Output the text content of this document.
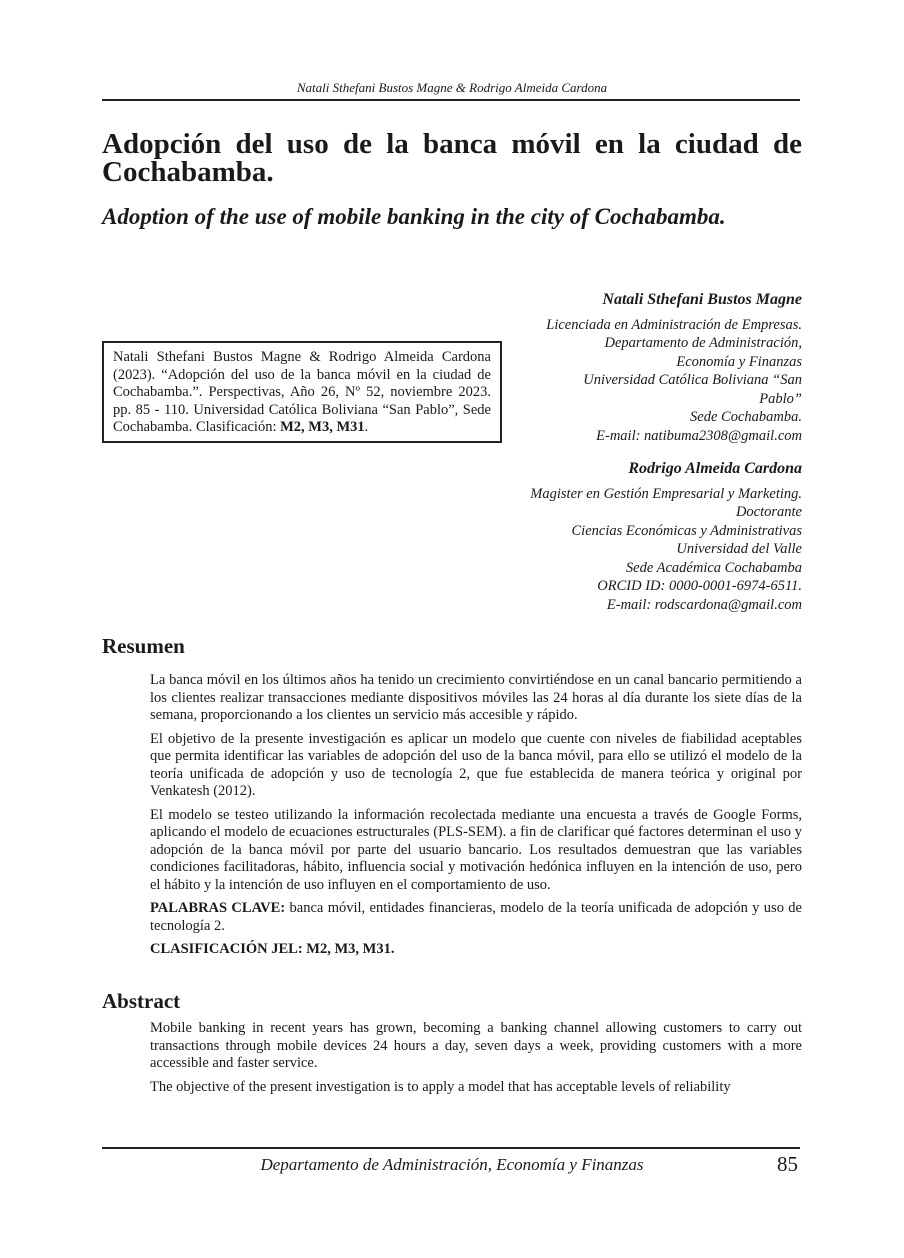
Natali Sthefani Bustos Magne & Rodrigo Almeida Cardona
Adopción del uso de la banca móvil en la ciudad de Cochabamba.
Adoption of the use of mobile banking in the city of Cochabamba.
Natali Sthefani Bustos Magne
Licenciada en Administración de Empresas.
Departamento de Administración,
Economía y Finanzas
Universidad Católica Boliviana “San
Pablo”
Sede Cochabamba.
E-mail: natibuma2308@gmail.com
Natali Sthefani Bustos Magne & Rodrigo Almeida Cardona (2023). “Adopción del uso de la banca móvil en la ciudad de Cochabamba.”. Perspectivas, Año 26, Nº 52, noviembre 2023. pp. 85 - 110. Universidad Católica Boliviana “San Pablo”, Sede Cochabamba. Clasificación: M2, M3, M31.
Rodrigo Almeida Cardona
Magister en Gestión Empresarial y Marketing.
Doctorante
Ciencias Económicas y Administrativas
Universidad del Valle
Sede Académica Cochabamba
ORCID ID: 0000-0001-6974-6511.
E-mail: rodscardona@gmail.com
Resumen

La banca móvil en los últimos años ha tenido un crecimiento convirtiéndose en un canal bancario permitiendo a los clientes realizar transacciones mediante dispositivos móviles las 24 horas al día durante los siete días de la semana, proporcionando a los clientes un servicio más accesible y rápido.

El objetivo de la presente investigación es aplicar un modelo que cuente con niveles de fiabilidad aceptables que permita identificar las variables de adopción del uso de la banca móvil, para ello se utilizó el modelo de la teoría unificada de adopción y uso de tecnología 2, que fue establecida de manera teórica y original por Venkatesh (2012).

El modelo se testeo utilizando la información recolectada mediante una encuesta a través de Google Forms, aplicando el modelo de ecuaciones estructurales (PLS-SEM). a fin de clarificar qué factores determinan el uso y adopción de la banca móvil por parte del usuario bancario. Los resultados demuestran que las variables condiciones facilitadoras, hábito, influencia social y motivación hedónica influyen en la intención de uso, pero el hábito y la intención de uso influyen en el comportamiento de uso.

PALABRAS CLAVE: banca móvil, entidades financieras, modelo de la teoría unificada de adopción y uso de tecnología 2.

CLASIFICACIÓN JEL: M2, M3, M31.

Abstract

Mobile banking in recent years has grown, becoming a banking channel allowing customers to carry out transactions through mobile devices 24 hours a day, seven days a week, providing customers with a more accessible and faster service.

The objective of the present investigation is to apply a model that has acceptable levels of reliability

Departamento de Administración, Economía y Finanzas	85
